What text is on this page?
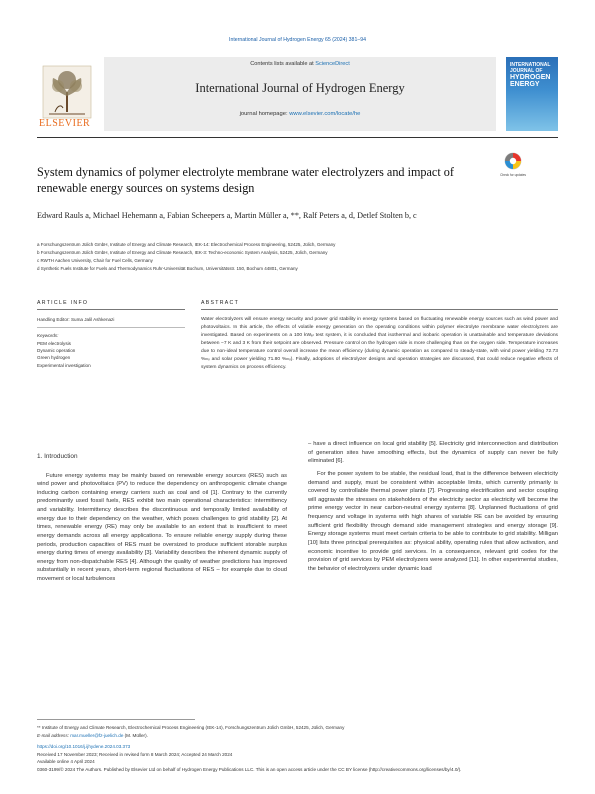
International Journal of Hydrogen Energy 65 (2024) 381–94
ELSEVIER
Contents lists available at ScienceDirect
International Journal of Hydrogen Energy
journal homepage: www.elsevier.com/locate/he
INTERNATIONAL JOURNAL OF
HYDROGEN ENERGY
System dynamics of polymer electrolyte membrane water electrolyzers and impact of renewable energy sources on systems design
Check for updates
Edward Rauls a, Michael Hehemann a, Fabian Scheepers a, Martin Müller a, **, Ralf Peters a, d, Detlef Stolten b, c
a Forschungszentrum Jülich GmbH, Institute of Energy and Climate Research, IEK-14: Electrochemical Process Engineering, 52425, Jülich, Germany
b Forschungszentrum Jülich GmbH, Institute of Energy and Climate Research, IEK-3: Techno-economic System Analysis, 52425, Jülich, Germany
c RWTH Aachen University, Chair for Fuel Cells, Germany
d Synthetic Fuels Institute for Fuels and Thermodynamics Ruhr-Universität Bochum, Universitätsstr. 150, Bochum 44801, Germany
ARTICLE INFO
Handling Editor: Suma Jalil Ashkenazi
Keywords:
PEM electrolysis
Dynamic operation
Green hydrogen
Experimental investigation
ABSTRACT
Water electrolyzers will ensure energy security and power grid stability in energy systems based on fluctuating renewable energy sources such as wind power and photovoltaics. In this article, the effects of volatile energy generation on the operating conditions within polymer electrolyte membrane water electrolyzers are investigated. Based on experiments on a 100 kWₑₗ test system, it is concluded that isothermal and isobaric operation is unattainable and temperature deviations between −7 K and 3 K from their setpoint are observed. Pressure control on the hydrogen side is more challenging than on the oxygen side. Temperature increases due to non-ideal temperature control overall increase the mean efficiency (during dynamic operation as compared to steady-state, with wind power yielding 72.73 %ₗₕᵥ and solar power yielding 71.80 %ₗₕᵥ). Finally, adoptions of electrolyzer designs and operation strategies are discussed, that could reduce negative effects of system dynamics on process efficiency.
1. Introduction

Future energy systems may be mainly based on renewable energy sources (RES) such as wind power and photovoltaics (PV) to reduce the dependency on anthropogenic climate change inducing carbon containing energy carriers such as coal and oil [1]. Contrary to the currently predominantly used fossil fuels, RES exhibit two main operational characteristics: intermittency and variability. Intermittency describes the discontinuous and temporally limited availability of energy due to their dependency on the weather, which poses challenges to grid stability [2]. At times, renewable energy (RE) may only be available to an extent that is insufficient to meet energy demands across all energy applications. To ensure reliable energy supply during these periods, production capacities of RES must be oversized to produce sufficient storable surplus energy during times of energy availability [3]. Variability describes the inherent dynamic supply of energy from non-dispatchable RES [4]. Although the quality of weather predictions has improved substantially in recent years, short-term regional fluctuations of RES – for example due to cloud movement or local turbulences

– have a direct influence on local grid stability [5]. Electricity grid interconnection and distribution of generation sites have smoothing effects, but the dynamics of supply can never be fully eliminated [6].

For the power system to be stable, the residual load, that is the difference between electricity demand and supply, must be consistent within acceptable limits, which currently primarily is covered by controllable thermal power plants [7]. Progressing electrification and sector coupling will aggravate the stresses on stakeholders of the electricity sector as electricity will become the prime energy vector in near carbon-neutral energy systems [8]. Unplanned fluctuations of grid frequency and voltage in systems with high shares of variable RE can be avoided by ensuring sufficient grid flexibility through demand side management strategies and energy storage [9]. Energy storage systems must meet certain criteria to be able to contribute to grid stability. Milligan [10] lists three principal prerequisites as: physical ability, operating rules that allow activation, and economic incentive to provide grid services. In a consequence, relevant grid codes for the provision of grid services by PEM electrolyzers were analyzed [11]. In other experimental studies, the behavior of electrolyzers under dynamic load

** Institute of Energy and Climate Research, Electrochemical Process Engineering (IEK-14), Forschungszentrum Jülich GmbH, 52425, Jülich, Germany
E-mail address: mar.mueller@fz-juelich.de (M. Müller).
https://doi.org/10.1016/j.ijhydene.2024.03.373
Received 17 November 2023; Received in revised form 8 March 2024; Accepted 24 March 2024
Available online 4 April 2024
0360-3199/© 2024 The Authors. Published by Elsevier Ltd on behalf of Hydrogen Energy Publications LLC. This is an open access article under the CC BY license (http://creativecommons.org/licenses/by/4.0/).
